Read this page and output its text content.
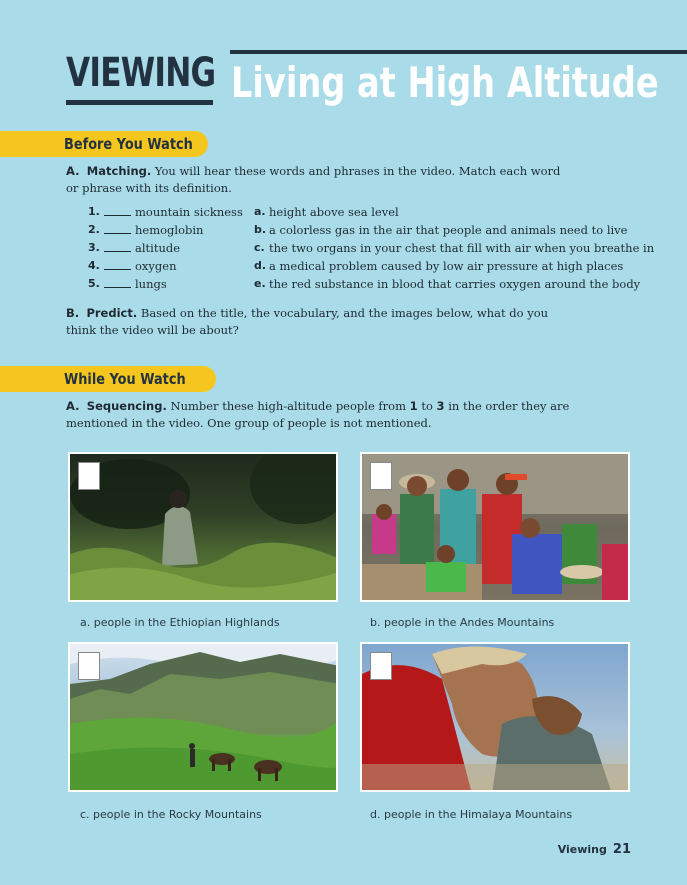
VIEWING Living at High Altitude
Before You Watch
A. Matching. You will hear these words and phrases in the video. Match each word or phrase with its definition.
1.	mountain sickness
2.	hemoglobin
3.	altitude
4.	oxygen
5.	lungs
a. height above sea level
b. a colorless gas in the air that people and animals need to live
c. the two organs in your chest that fill with air when you breathe in
d. a medical problem caused by low air pressure at high places
e. the red substance in blood that carries oxygen around the body
B. Predict. Based on the title, the vocabulary, and the images below, what do you think the video will be about?
While You Watch
A. Sequencing. Number these high-altitude people from 1 to 3 in the order they are mentioned in the video. One group of people is not mentioned.
a. people in the Ethiopian Highlands	b. people in the Andes Mountains
c. people in the Rocky Mountains	d. people in the Himalaya Mountains
Viewing 21
